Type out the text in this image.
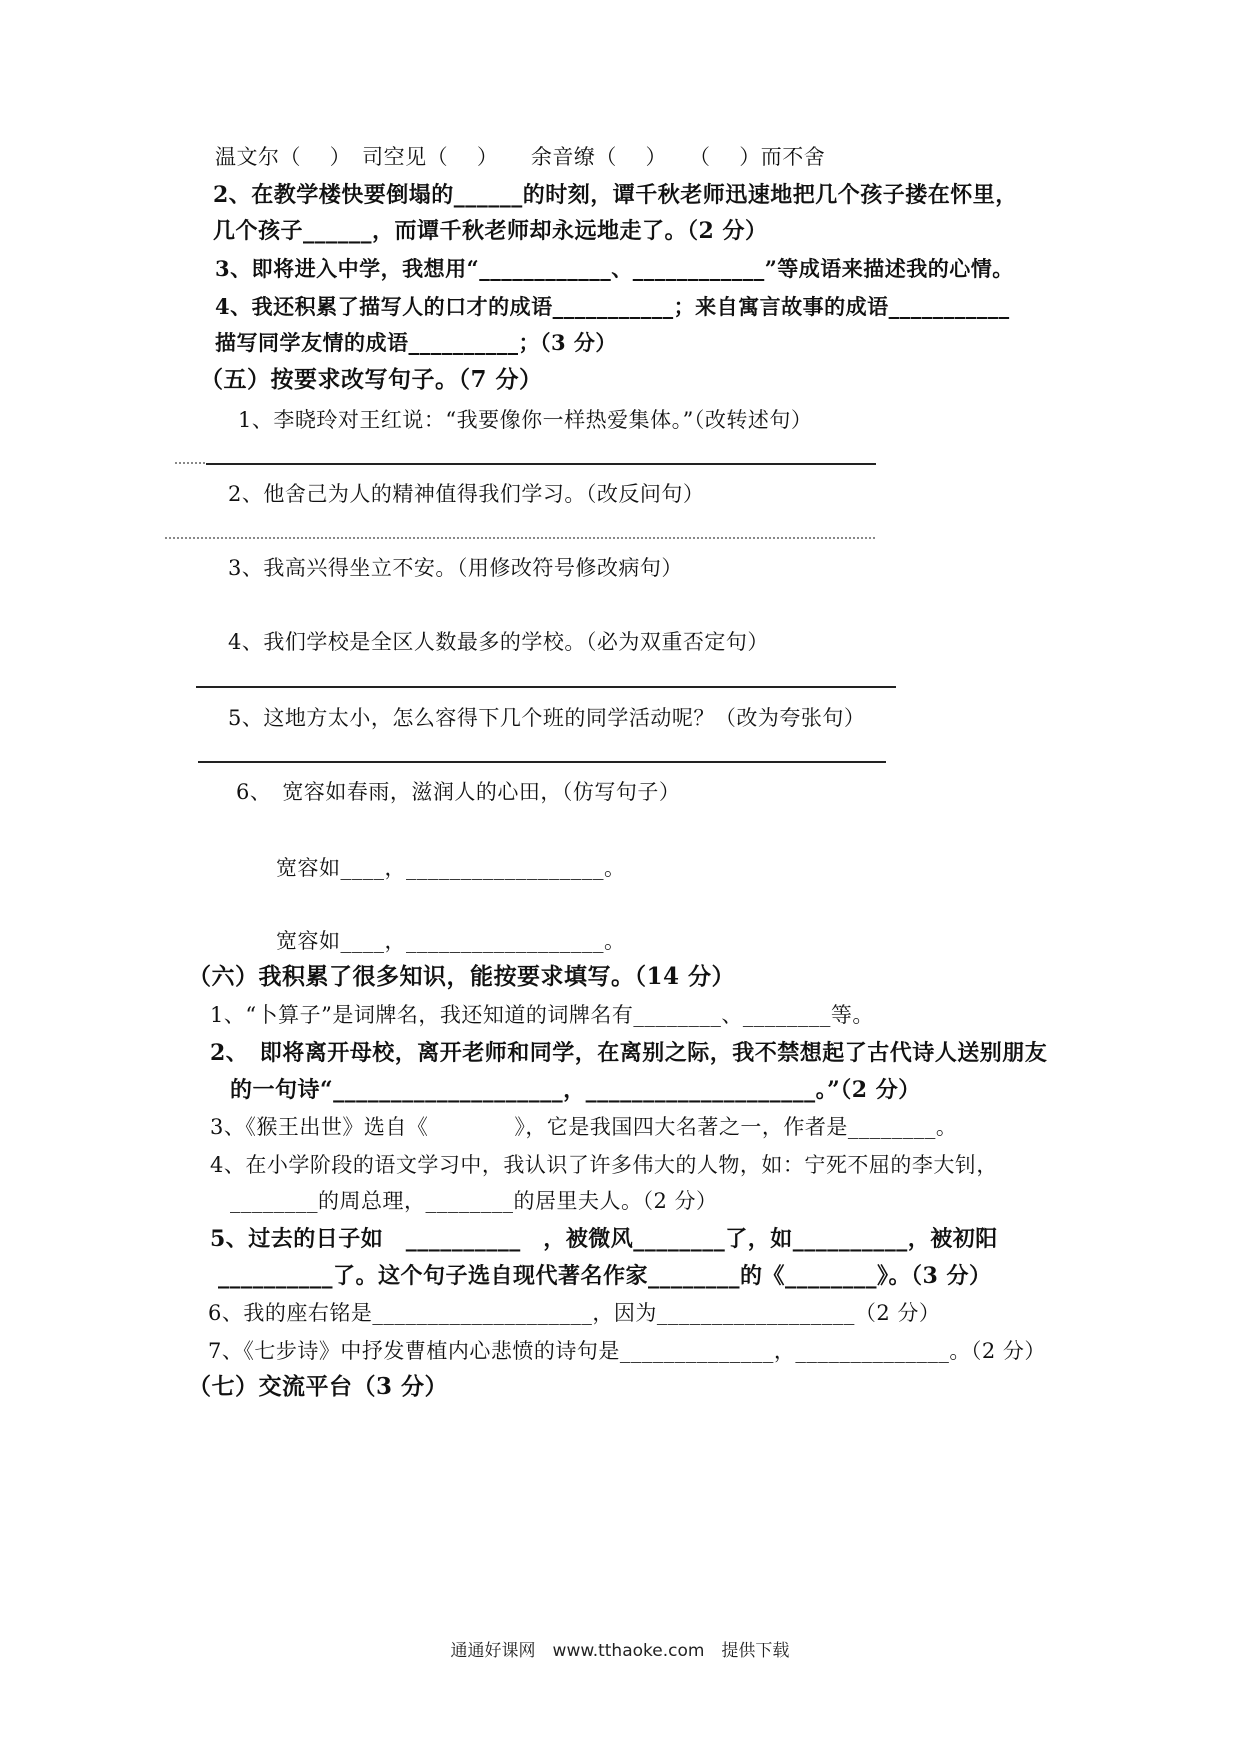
温文尔（　 ）　司空见（　 ）　　余音缭（　 ）　　（　 ）而不舍
2、在教学楼快要倒塌的______的时刻，谭千秋老师迅速地把几个孩子搂在怀里，
几个孩子______，而谭千秋老师却永远地走了。（2 分）
3、即将进入中学，我想用“____________、____________”等成语来描述我的心情。
4、我还积累了描写人的口才的成语___________；来自寓言故事的成语___________
描写同学友情的成语__________；（3 分）
（五）按要求改写句子。（7 分）
1、李晓玲对王红说：“我要像你一样热爱集体。”（改转述句）
2、他舍己为人的精神值得我们学习。（改反问句）
3、我高兴得坐立不安。（用修改符号修改病句）
4、我们学校是全区人数最多的学校。（必为双重否定句）
5、这地方太小，怎么容得下几个班的同学活动呢？（改为夸张句）
6、　宽容如春雨，滋润人的心田，（仿写句子）
宽容如____，__________________。
宽容如____，__________________。
（六）我积累了很多知识，能按要求填写。（14 分）
1、“卜算子”是词牌名，我还知道的词牌名有________、________等。
2、　即将离开母校，离开老师和同学，在离别之际，我不禁想起了古代诗人送别朋友
的一句诗“____________________，____________________。”（2 分）
3、《猴王出世》选自《　　　　》，它是我国四大名著之一，作者是________。
4、在小学阶段的语文学习中，我认识了许多伟大的人物，如：宁死不屈的李大钊，
________的周总理，________的居里夫人。（2 分）
5、过去的日子如　__________　，被微风________了，如__________，被初阳
__________了。这个句子选自现代著名作家________的《________》。（3 分）
6、我的座右铭是____________________，因为__________________（2 分）
7、《七步诗》中抒发曹植内心悲愤的诗句是______________，______________。（2 分）
（七）交流平台（3 分）
通通好课网　www.tthaoke.com　提供下载
